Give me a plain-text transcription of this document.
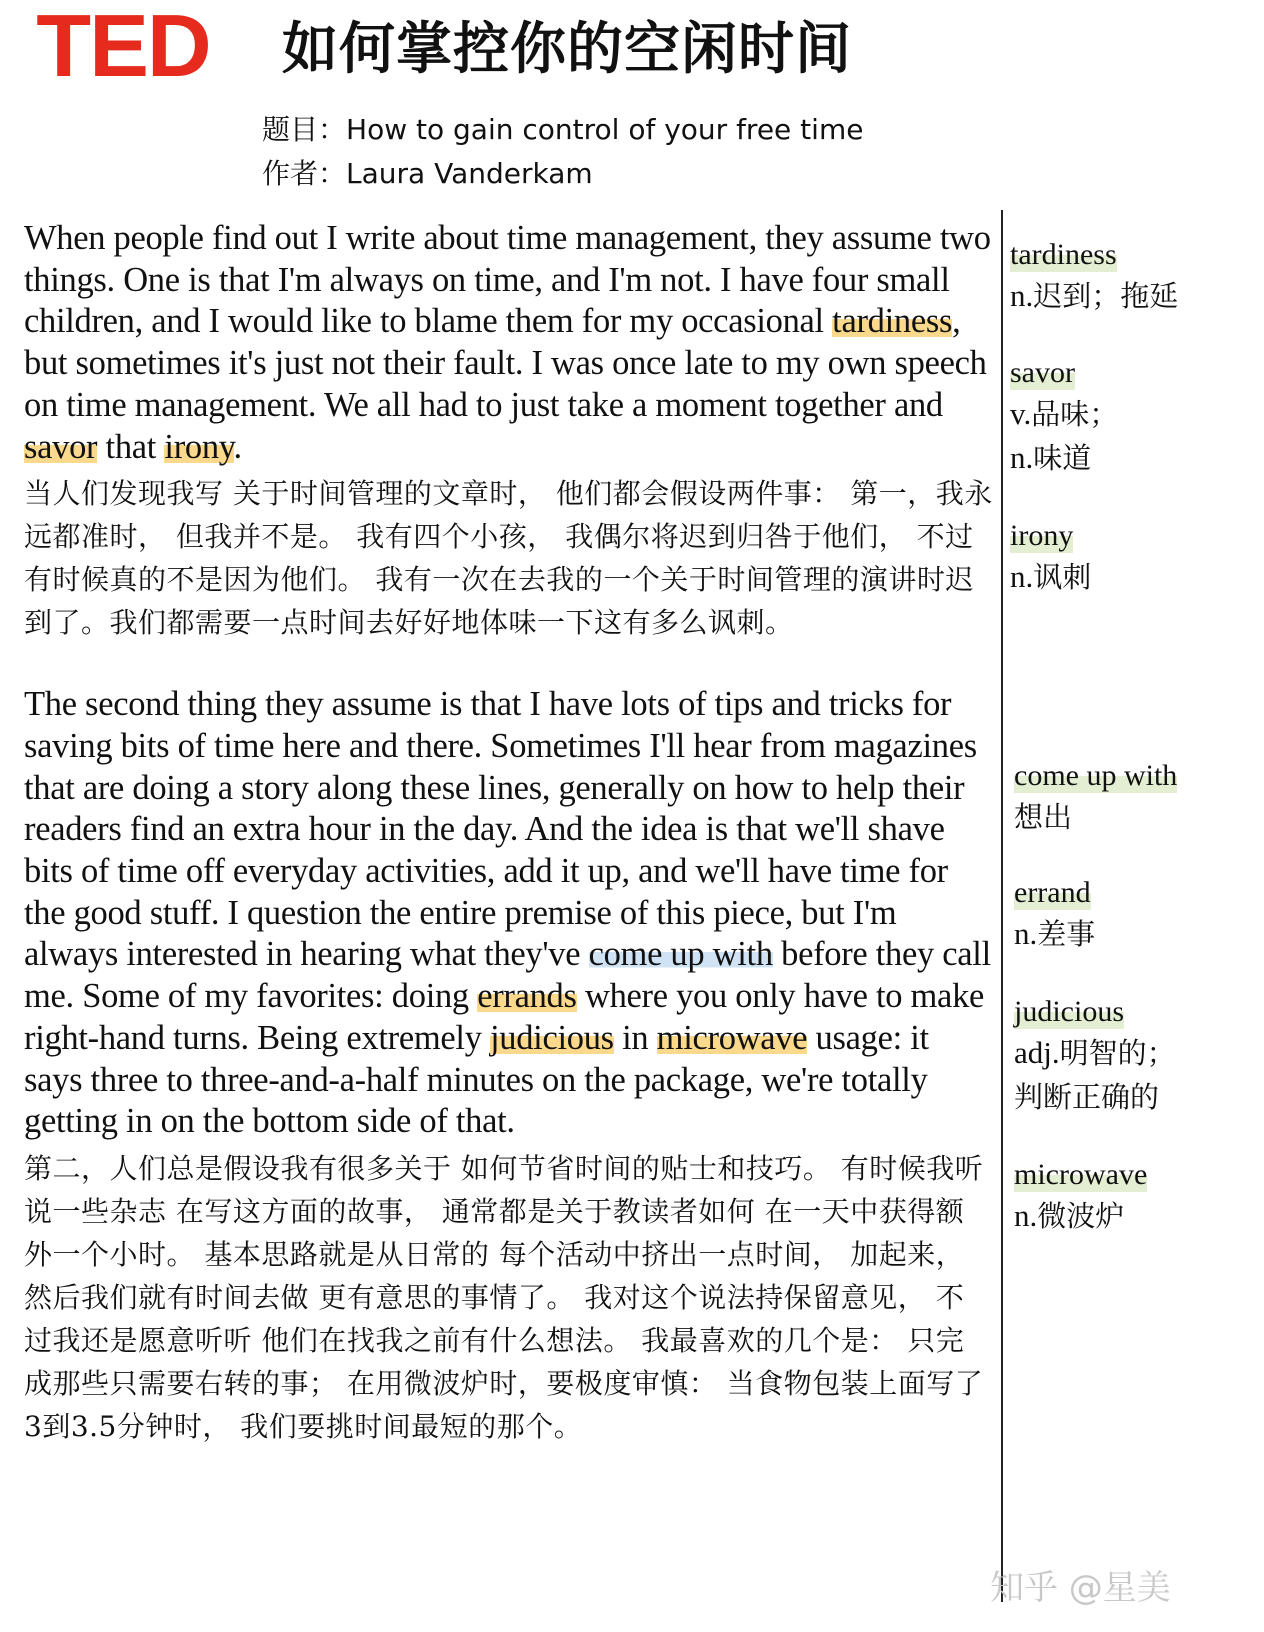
TED 如何掌控你的空闲时间
题目：How to gain control of your free time
作者：Laura Vanderkam

When people find out I write about time management, they assume two things. One is that I'm always on time, and I'm not. I have four small children, and I would like to blame them for my occasional tardiness, but sometimes it's just not their fault. I was once late to my own speech on time management. We all had to just take a moment together and savor that irony.

当人们发现我写 关于时间管理的文章时， 他们都会假设两件事： 第一，我永远都准时， 但我并不是。 我有四个小孩， 我偶尔将迟到归咎于他们， 不过有时候真的不是因为他们。 我有一次在去我的一个关于时间管理的演讲时迟到了。我们都需要一点时间去好好地体味一下这有多么讽刺。

The second thing they assume is that I have lots of tips and tricks for saving bits of time here and there. Sometimes I'll hear from magazines that are doing a story along these lines, generally on how to help their readers find an extra hour in the day. And the idea is that we'll shave bits of time off everyday activities, add it up, and we'll have time for the good stuff. I question the entire premise of this piece, but I'm always interested in hearing what they've come up with before they call me. Some of my favorites: doing errands where you only have to make right-hand turns. Being extremely judicious in microwave usage: it says three to three-and-a-half minutes on the package, we're totally getting in on the bottom side of that.

第二，人们总是假设我有很多关于 如何节省时间的贴士和技巧。 有时候我听说一些杂志 在写这方面的故事， 通常都是关于教读者如何 在一天中获得额外一个小时。 基本思路就是从日常的 每个活动中挤出一点时间， 加起来， 然后我们就有时间去做 更有意思的事情了。 我对这个说法持保留意见， 不过我还是愿意听听 他们在找我之前有什么想法。 我最喜欢的几个是： 只完成那些只需要右转的事； 在用微波炉时，要极度审慎： 当食物包装上面写了3到3.5分钟时， 我们要挑时间最短的那个。

tardiness
n.迟到；拖延
savor
v.品味；
n.味道
irony
n.讽刺
come up with
想出
errand
n.差事
judicious
adj.明智的；
判断正确的
microwave
n.微波炉
知乎 @星美
